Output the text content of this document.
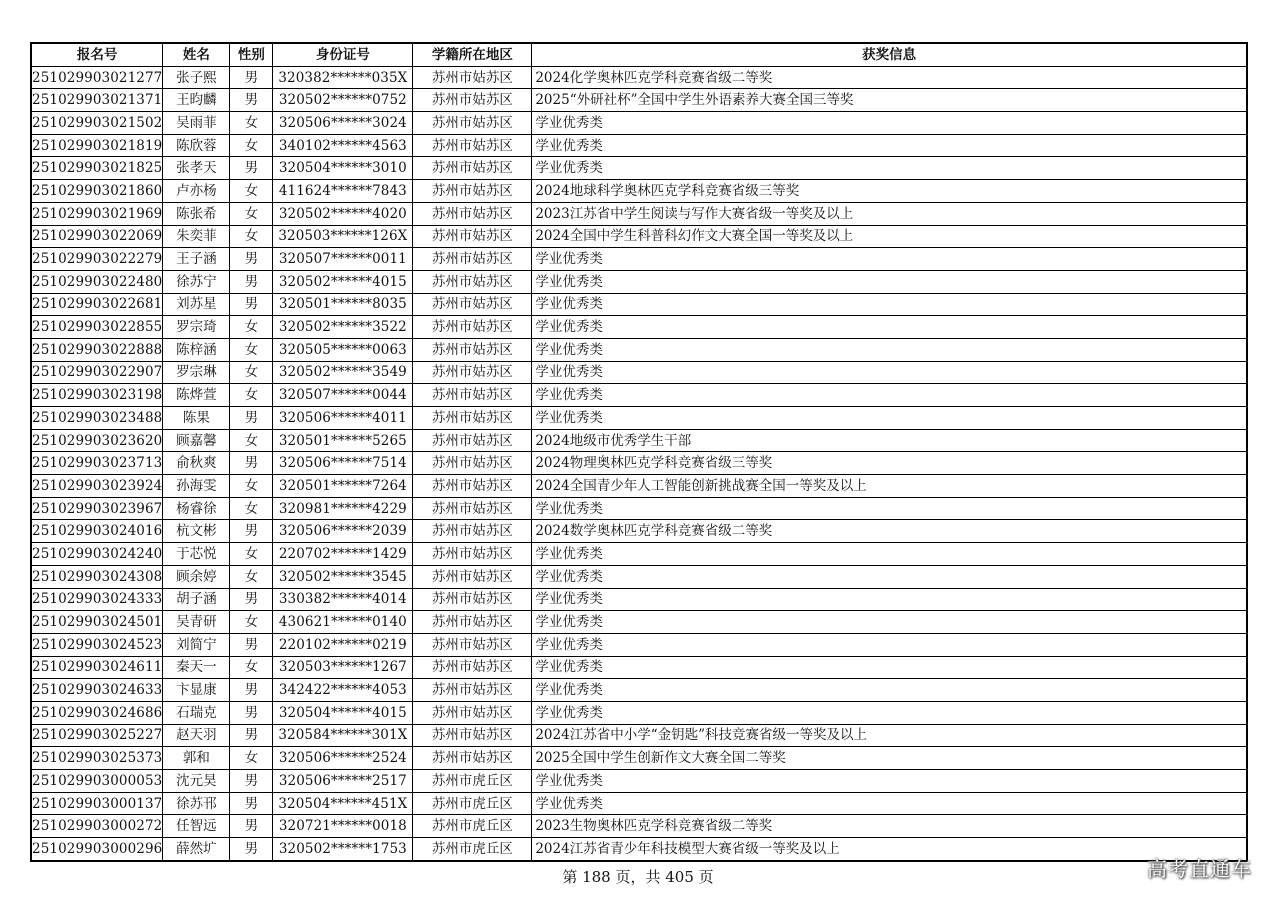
报名号	姓名	性别	身份证号	学籍所在地区	获奖信息
251029903021277	张子熙	男	320382******035X	苏州市姑苏区	2024化学奥林匹克学科竞赛省级二等奖
251029903021371	王昀麟	男	320502******0752	苏州市姑苏区	2025“外研社杯”全国中学生外语素养大赛全国三等奖
251029903021502	吴雨菲	女	320506******3024	苏州市姑苏区	学业优秀类
251029903021819	陈欣蓉	女	340102******4563	苏州市姑苏区	学业优秀类
251029903021825	张孝天	男	320504******3010	苏州市姑苏区	学业优秀类
251029903021860	卢亦杨	女	411624******7843	苏州市姑苏区	2024地球科学奥林匹克学科竞赛省级三等奖
251029903021969	陈张希	女	320502******4020	苏州市姑苏区	2023江苏省中学生阅读与写作大赛省级一等奖及以上
251029903022069	朱奕菲	女	320503******126X	苏州市姑苏区	2024全国中学生科普科幻作文大赛全国一等奖及以上
251029903022279	王子涵	男	320507******0011	苏州市姑苏区	学业优秀类
251029903022480	徐苏宁	男	320502******4015	苏州市姑苏区	学业优秀类
251029903022681	刘苏星	男	320501******8035	苏州市姑苏区	学业优秀类
251029903022855	罗宗琦	女	320502******3522	苏州市姑苏区	学业优秀类
251029903022888	陈梓涵	女	320505******0063	苏州市姑苏区	学业优秀类
251029903022907	罗宗琳	女	320502******3549	苏州市姑苏区	学业优秀类
251029903023198	陈烨萱	女	320507******0044	苏州市姑苏区	学业优秀类
251029903023488	陈果	男	320506******4011	苏州市姑苏区	学业优秀类
251029903023620	顾嘉馨	女	320501******5265	苏州市姑苏区	2024地级市优秀学生干部
251029903023713	俞秋爽	男	320506******7514	苏州市姑苏区	2024物理奥林匹克学科竞赛省级三等奖
251029903023924	孙海雯	女	320501******7264	苏州市姑苏区	2024全国青少年人工智能创新挑战赛全国一等奖及以上
251029903023967	杨睿徐	女	320981******4229	苏州市姑苏区	学业优秀类
251029903024016	杭文彬	男	320506******2039	苏州市姑苏区	2024数学奥林匹克学科竞赛省级二等奖
251029903024240	于芯悦	女	220702******1429	苏州市姑苏区	学业优秀类
251029903024308	顾余婷	女	320502******3545	苏州市姑苏区	学业优秀类
251029903024333	胡子涵	男	330382******4014	苏州市姑苏区	学业优秀类
251029903024501	吴青研	女	430621******0140	苏州市姑苏区	学业优秀类
251029903024523	刘简宁	男	220102******0219	苏州市姑苏区	学业优秀类
251029903024611	秦天一	女	320503******1267	苏州市姑苏区	学业优秀类
251029903024633	卞显康	男	342422******4053	苏州市姑苏区	学业优秀类
251029903024686	石瑞克	男	320504******4015	苏州市姑苏区	学业优秀类
251029903025227	赵天羽	男	320584******301X	苏州市姑苏区	2024江苏省中小学“金钥匙”科技竞赛省级一等奖及以上
251029903025373	郭和	女	320506******2524	苏州市姑苏区	2025全国中学生创新作文大赛全国二等奖
251029903000053	沈元昊	男	320506******2517	苏州市虎丘区	学业优秀类
251029903000137	徐苏邗	男	320504******451X	苏州市虎丘区	学业优秀类
251029903000272	任智远	男	320721******0018	苏州市虎丘区	2023生物奥林匹克学科竞赛省级二等奖
251029903000296	薛然圹	男	320502******1753	苏州市虎丘区	2024江苏省青少年科技模型大赛省级一等奖及以上
第 188 页，共 405 页	高考直通车
